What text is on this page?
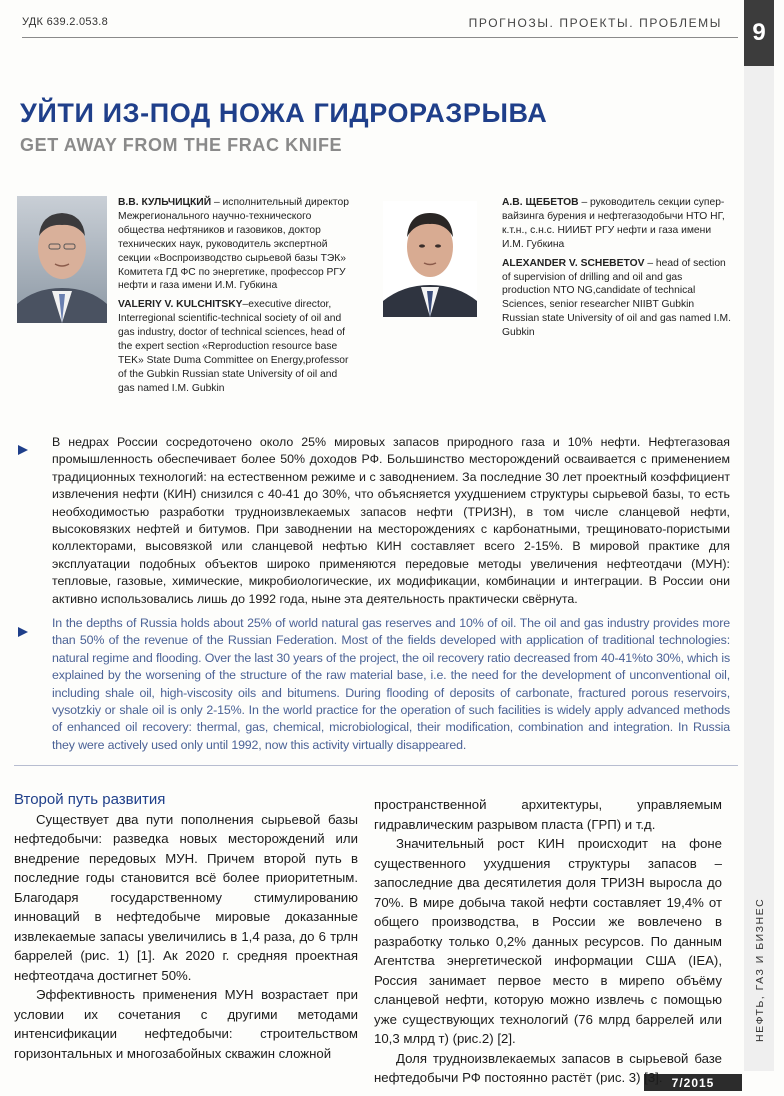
УДК 639.2.053.8	ПРОГНОЗЫ. ПРОЕКТЫ. ПРОБЛЕМЫ	9
НЕФТЬ, ГАЗ И БИЗНЕС
7/2015
УЙТИ ИЗ-ПОД НОЖА ГИДРОРАЗРЫВА
GET AWAY FROM THE FRAC KNIFE

В.В. КУЛЬЧИЦКИЙ – исполнительный директор Межрегионального научно-технического общества нефтяников и газовиков, доктор технических наук, руководитель экспертной секции «Воспроизводство сырьевой базы ТЭК» Комитета ГД ФС по энергетике, профессор РГУ нефти и газа имени И.М. Губкина

VALERIY V. KULCHITSKY–executive director, Interregional scientific-technical society of oil and gas industry, doctor of technical sciences, head of the expert section «Reproduction resource base TEK» State Duma Committee on Energy,professor of the Gubkin Russian state University of oil and gas named I.M. Gubkin

А.В. ЩЕБЕТОВ – руководитель секции супер-вайзинга бурения и нефтегазодобычи НТО НГ, к.т.н., с.н.с. НИИБТ РГУ нефти и газа имени И.М. Губкина

ALEXANDER V. SCHEBETOV – head of section of supervision of drilling and oil and gas production NTO NG,candidate of technical Sciences, senior researcher NIIBT Gubkin Russian state University of oil and gas named I.M. Gubkin

В недрах России сосредоточено около 25% мировых запасов природного газа и 10% нефти. Нефтегазовая промышленность обеспечивает более 50% доходов РФ. Большинство месторождений осваивается с применением традиционных технологий: на естественном режиме и с заводнением. За последние 30 лет проектный коэффициент извлечения нефти (КИН) снизился с 40-41 до 30%, что объясняется ухудшением структуры сырьевой базы, то есть необходимостью разработки трудноизвлекаемых запасов нефти (ТРИЗН), в том числе сланцевой нефти, высоковязких нефтей и битумов. При заводнении на месторождениях с карбонатными, трещиновато-пористыми коллекторами, высовязкой или сланцевой нефтью КИН составляет всего 2-15%. В мировой практике для эксплуатации подобных объектов широко применяются передовые методы увеличения нефтеотдачи (МУН): тепловые, газовые, химические, микробиологические, их модификации, комбинации и интеграции. В России они активно использовались лишь до 1992 года, ныне эта деятельность практически свёрнута.
In the depths of Russia holds about 25% of world natural gas reserves and 10% of oil. The oil and gas industry provides more than 50% of the revenue of the Russian Federation. Most of the fields developed with application of traditional technologies: natural regime and flooding. Over the last 30 years of the project, the oil recovery ratio decreased from 40-41%to 30%, which is explained by the worsening of the structure of the raw material base, i.e. the need for the development of unconventional oil, including shale oil, high-viscosity oils and bitumens. During flooding of deposits of carbonate, fractured porous reservoirs, vysotzkiy or shale oil is only 2-15%. In the world practice for the operation of such facilities is widely apply advanced methods of enhanced oil recovery: thermal, gas, chemical, microbiological, their modification, combination and integration. In Russia they were actively used only until 1992, now this activity virtually disappeared.

Второй путь развития

Существует два пути пополнения сырьевой базы нефтедобычи: разведка новых месторождений или внедрение передовых МУН. Причем второй путь в последние годы становится всё более приоритетным. Благодаря государственному стимулированию инноваций в нефтедобыче мировые доказанные извлекаемые запасы увеличились в 1,4 раза, до 6 трлн баррелей (рис. 1) [1]. Ак 2020 г. средняя проектная нефтеотдача достигнет 50%.

Эффективность применения МУН возрастает при условии их сочетания с другими методами интенсификации нефтедобычи: строительством горизонтальных и многозабойных скважин сложной

пространственной архитектуры, управляемым гидравлическим разрывом пласта (ГРП) и т.д.

Значительный рост КИН происходит на фоне существенного ухудшения структуры запасов – запоследние два десятилетия доля ТРИЗН выросла до 70%. В мире добыча такой нефти составляет 19,4% от общего производства, в России же вовлечено в разработку только 0,2% данных ресурсов. По данным Агентства энергетической информации США (IEA), Россия занимает первое место в мирепо объёму сланцевой нефти, которую можно извлечь с помощью уже существующих технологий (76 млрд баррелей или 10,3 млрд т) (рис.2) [2].

Доля трудноизвлекаемых запасов в сырьевой базе нефтедобычи РФ постоянно растёт (рис. 3) [3].
